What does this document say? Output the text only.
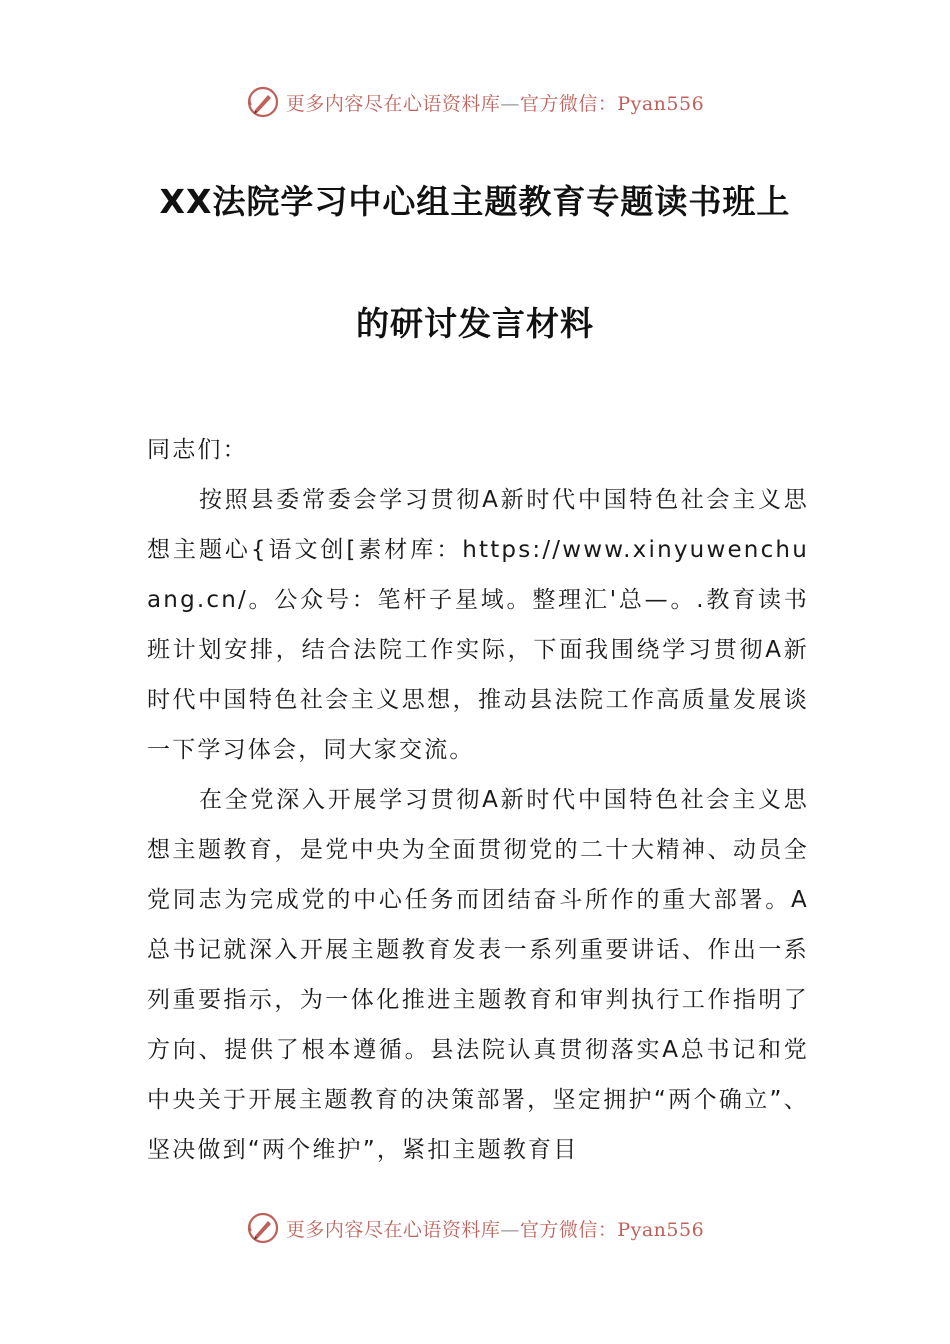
更多内容尽在心语资料库—官方微信：Pyan556
XX法院学习中心组主题教育专题读书班上
的研讨发言材料

同志们：

按照县委常委会学习贯彻A新时代中国特色社会主义思想主题心{语文创[素材库：https://www.xinyuwenchuang.cn/。公众号：笔杆子星域。整理汇'总—。.教育读书班计划安排，结合法院工作实际，下面我围绕学习贯彻A新时代中国特色社会主义思想，推动县法院工作高质量发展谈一下学习体会，同大家交流。

在全党深入开展学习贯彻A新时代中国特色社会主义思想主题教育，是党中央为全面贯彻党的二十大精神、动员全党同志为完成党的中心任务而团结奋斗所作的重大部署。A总书记就深入开展主题教育发表一系列重要讲话、作出一系列重要指示，为一体化推进主题教育和审判执行工作指明了方向、提供了根本遵循。县法院认真贯彻落实A总书记和党中央关于开展主题教育的决策部署，坚定拥护“两个确立”、坚决做到“两个维护”，紧扣主题教育目

更多内容尽在心语资料库—官方微信：Pyan556
